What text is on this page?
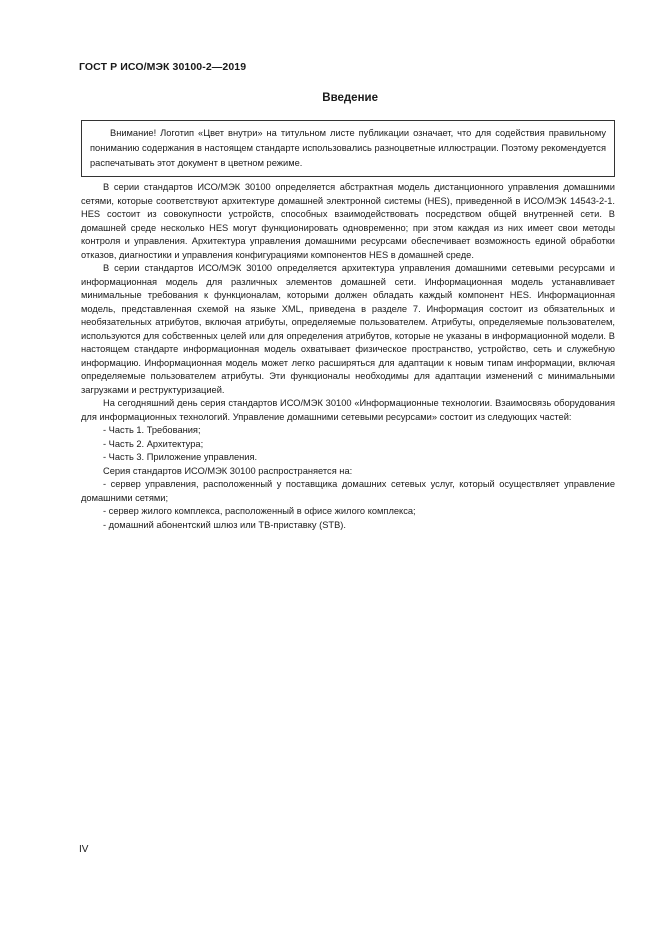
ГОСТ Р ИСО/МЭК 30100-2—2019
Введение

Внимание! Логотип «Цвет внутри» на титульном листе публикации означает, что для содействия правильному пониманию содержания в настоящем стандарте использовались разноцветные иллюстрации. Поэтому рекомендуется распечатывать этот документ в цветном режиме.

В серии стандартов ИСО/МЭК 30100 определяется абстрактная модель дистанционного управления домашними сетями, которые соответствуют архитектуре домашней электронной системы (HES), приведенной в ИСО/МЭК 14543-2-1. HES состоит из совокупности устройств, способных взаимодействовать посредством общей внутренней сети. В домашней среде несколько HES могут функционировать одновременно; при этом каждая из них имеет свои методы контроля и управления. Архитектура управления домашними ресурсами обеспечивает возможность единой обработки отказов, диагностики и управления конфигурациями компонентов HES в домашней среде.

В серии стандартов ИСО/МЭК 30100 определяется архитектура управления домашними сетевыми ресурсами и информационная модель для различных элементов домашней сети. Информационная модель устанавливает минимальные требования к функционалам, которыми должен обладать каждый компонент HES. Информационная модель, представленная схемой на языке XML, приведена в разделе 7. Информация состоит из обязательных и необязательных атрибутов, включая атрибуты, определяемые пользователем. Атрибуты, определяемые пользователем, используются для собственных целей или для определения атрибутов, которые не указаны в информационной модели. В настоящем стандарте информационная модель охватывает физическое пространство, устройство, сеть и служебную информацию. Информационная модель может легко расширяться для адаптации к новым типам информации, включая определяемые пользователем атрибуты. Эти функционалы необходимы для адаптации изменений с минимальными загрузками и реструктуризацией.

На сегодняшний день серия стандартов ИСО/МЭК 30100 «Информационные технологии. Взаимосвязь оборудования для информационных технологий. Управление домашними сетевыми ресурсами» состоит из следующих частей:

- Часть 1. Требования;

- Часть 2. Архитектура;

- Часть 3. Приложение управления.

Серия стандартов ИСО/МЭК 30100 распространяется на:

- сервер управления, расположенный у поставщика домашних сетевых услуг, который осуществляет управление домашними сетями;

- сервер жилого комплекса, расположенный в офисе жилого комплекса;

- домашний абонентский шлюз или ТВ-приставку (STB).

IV
